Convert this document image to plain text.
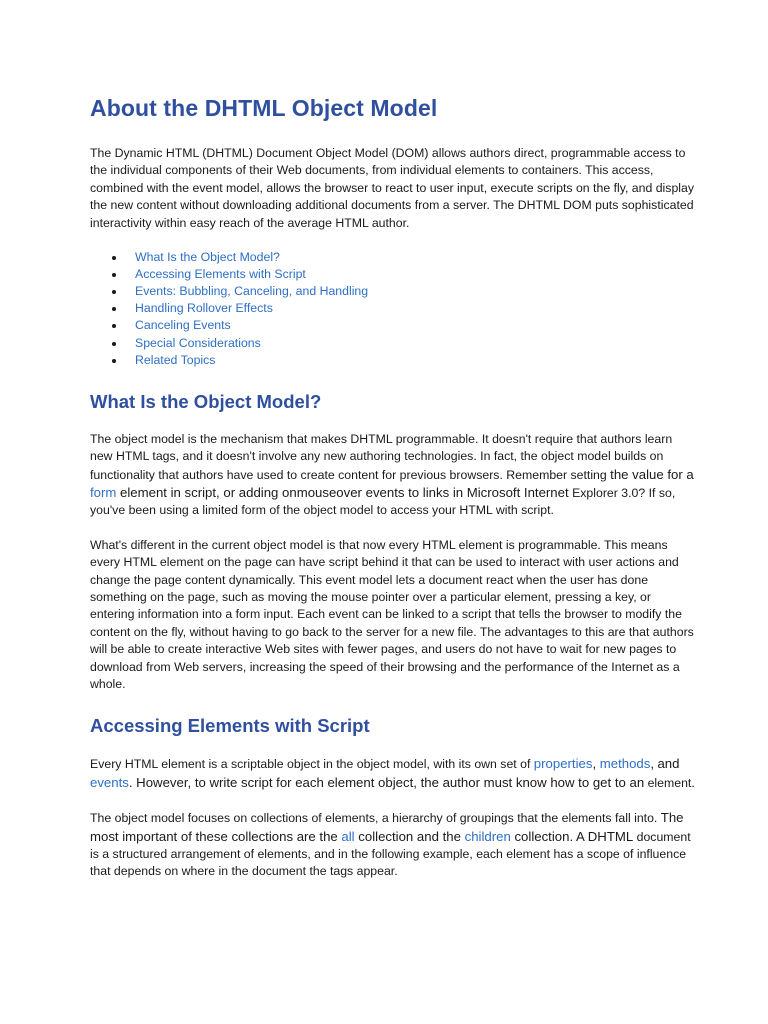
About the DHTML Object Model

The Dynamic HTML (DHTML) Document Object Model (DOM) allows authors direct, programmable access to the individual components of their Web documents, from individual elements to containers. This access, combined with the event model, allows the browser to react to user input, execute scripts on the fly, and display the new content without downloading additional documents from a server. The DHTML DOM puts sophisticated interactivity within easy reach of the average HTML author.

What Is the Object Model?
Accessing Elements with Script
Events: Bubbling, Canceling, and Handling
Handling Rollover Effects
Canceling Events
Special Considerations
Related Topics
What Is the Object Model?

The object model is the mechanism that makes DHTML programmable. It doesn't require that authors learn new HTML tags, and it doesn't involve any new authoring technologies. In fact, the object model builds on functionality that authors have used to create content for previous browsers. Remember setting the value for a form element in script, or adding onmouseover events to links in Microsoft Internet Explorer 3.0? If so, you've been using a limited form of the object model to access your HTML with script.

What's different in the current object model is that now every HTML element is programmable. This means every HTML element on the page can have script behind it that can be used to interact with user actions and change the page content dynamically. This event model lets a document react when the user has done something on the page, such as moving the mouse pointer over a particular element, pressing a key, or entering information into a form input. Each event can be linked to a script that tells the browser to modify the content on the fly, without having to go back to the server for a new file. The advantages to this are that authors will be able to create interactive Web sites with fewer pages, and users do not have to wait for new pages to download from Web servers, increasing the speed of their browsing and the performance of the Internet as a whole.

Accessing Elements with Script

Every HTML element is a scriptable object in the object model, with its own set of properties, methods, and events. However, to write script for each element object, the author must know how to get to an element.

The object model focuses on collections of elements, a hierarchy of groupings that the elements fall into. The most important of these collections are the all collection and the children collection. A DHTML document is a structured arrangement of elements, and in the following example, each element has a scope of influence that depends on where in the document the tags appear.
